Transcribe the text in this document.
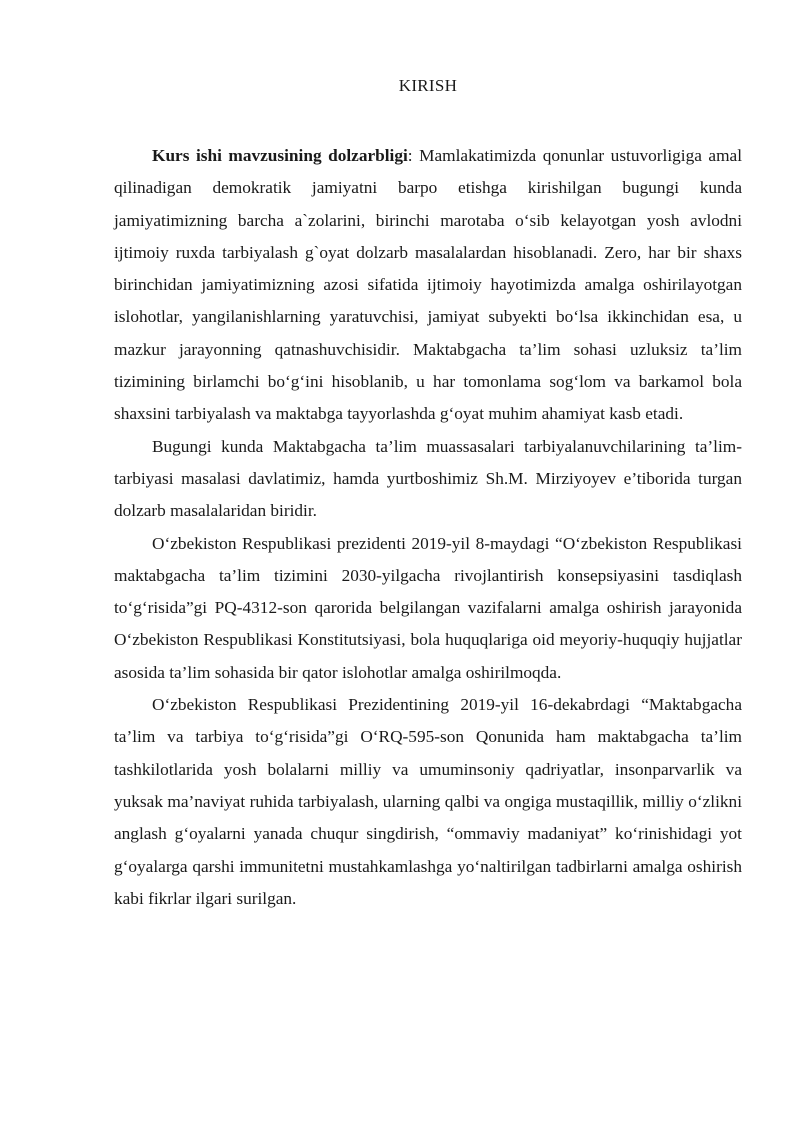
KIRISH

Kurs ishi mavzusining dolzarbligi: Mamlakatimizda qonunlar ustuvorligiga amal qilinadigan demokratik jamiyatni barpo etishga kirishilgan bugungi kunda jamiyatimizning barcha a`zolarini, birinchi marotaba o‘sib kelayotgan yosh avlodni ijtimoiy ruxda tarbiyalash g`oyat dolzarb masalalardan hisoblanadi. Zero, har bir shaxs birinchidan jamiyatimizning azosi sifatida ijtimoiy hayotimizda amalga oshirilayotgan islohotlar, yangilanishlarning yaratuvchisi, jamiyat subyekti bo‘lsa ikkinchidan esa, u mazkur jarayonning qatnashuvchisidir. Maktabgacha ta’lim sohasi uzluksiz ta’lim tizimining birlamchi bo‘g‘ini hisoblanib, u har tomonlama sog‘lom va barkamol bola shaxsini tarbiyalash va maktabga tayyorlashda g‘oyat muhim ahamiyat kasb etadi.

Bugungi kunda Maktabgacha ta’lim muassasalari tarbiyalanuvchilarining ta’lim-tarbiyasi masalasi davlatimiz, hamda yurtboshimiz Sh.M. Mirziyoyev e’tiborida turgan dolzarb masalalaridan biridir.

O‘zbekiston Respublikasi prezidenti 2019-yil 8-maydagi “O‘zbekiston Respublikasi maktabgacha ta’lim tizimini 2030-yilgacha rivojlantirish konsepsiyasini tasdiqlash to‘g‘risida”gi PQ-4312-son qarorida belgilangan vazifalarni amalga oshirish jarayonida O‘zbekiston Respublikasi Konstitutsiyasi, bola huquqlariga oid meyoriy-huquqiy hujjatlar asosida ta’lim sohasida bir qator islohotlar amalga oshirilmoqda.

O‘zbekiston Respublikasi Prezidentining 2019-yil 16-dekabrdagi “Maktabgacha ta’lim va tarbiya to‘g‘risida”gi O‘RQ-595-son Qonunida ham maktabgacha ta’lim tashkilotlarida yosh bolalarni milliy va umuminsoniy qadriyatlar, insonparvarlik va yuksak ma’naviyat ruhida tarbiyalash, ularning qalbi va ongiga mustaqillik, milliy o‘zlikni anglash g‘oyalarni yanada chuqur singdirish, “ommaviy madaniyat” ko‘rinishidagi yot g‘oyalarga qarshi immunitetni mustahkamlashga yo‘naltirilgan tadbirlarni amalga oshirish kabi fikrlar ilgari surilgan.
